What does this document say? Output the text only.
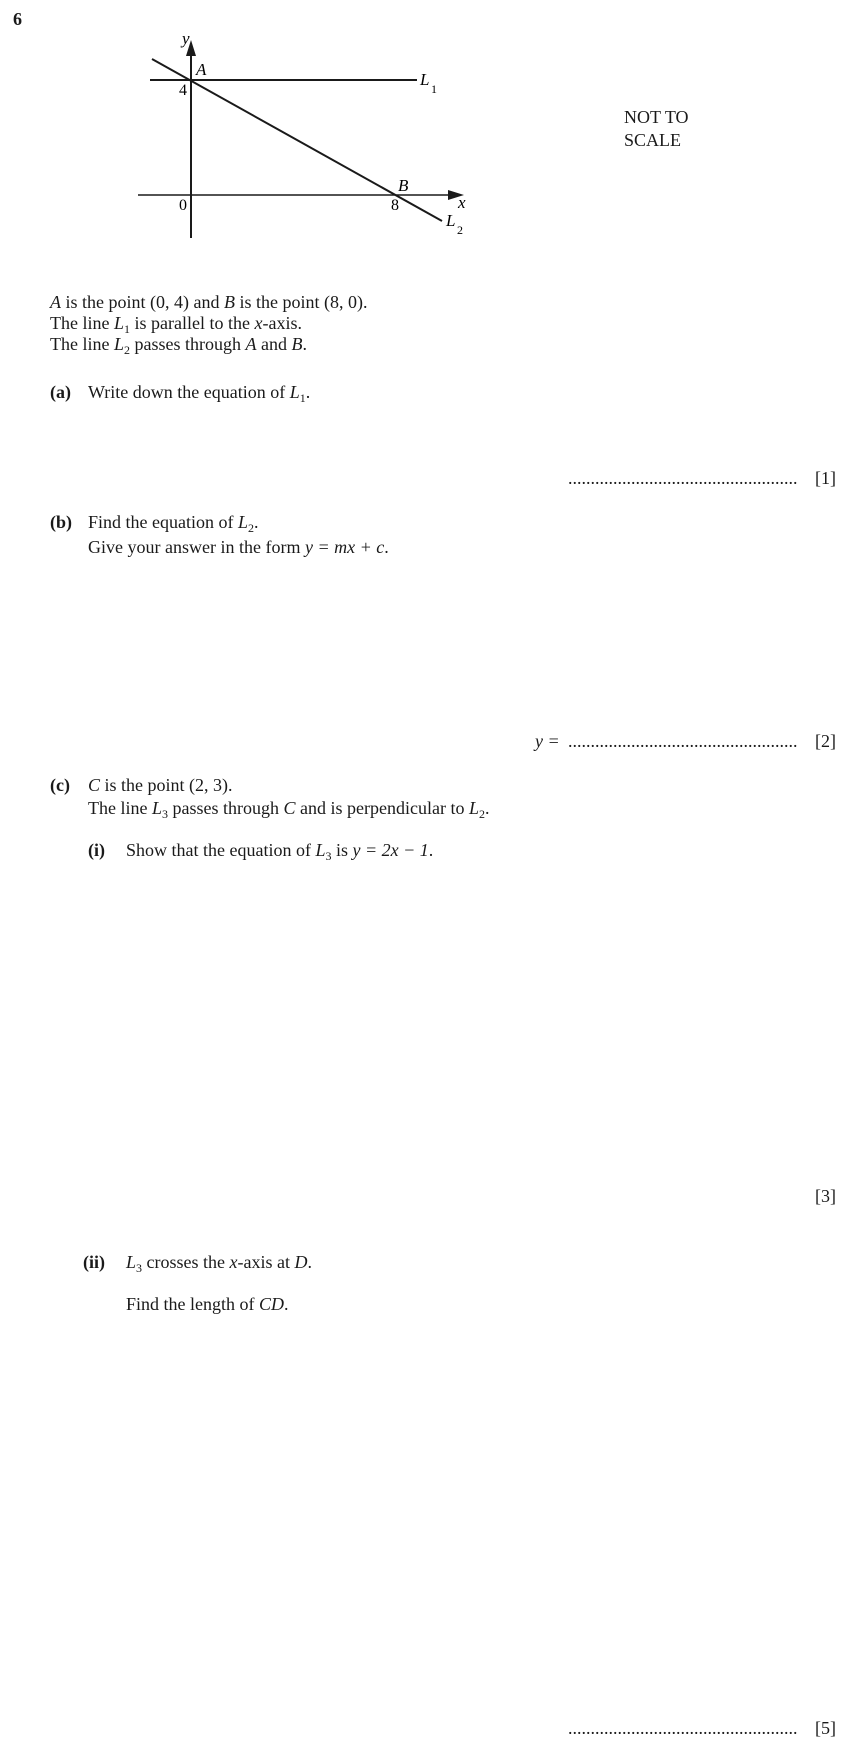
6
y
x
0
4
8
A
B
L 1
L 2
NOT TO
SCALE
A is the point (0, 4) and B is the point (8, 0).
The line $L_1$ is parallel to the x-axis.
The line $L_2$ passes through A and B.
(a) Write down the equation of $L_1$.
................................................... [1]
(b) Find the equation of $L_2$.
Give your answer in the form y = mx + c.
y = ................................................... [2]
(c) C is the point (2, 3).
The line $L_3$ passes through C and is perpendicular to $L_2$.
(i) Show that the equation of $L_3$ is y = 2x − 1.
[3]
(ii) $L_3$ crosses the x-axis at D.
Find the length of CD.
................................................... [5]
